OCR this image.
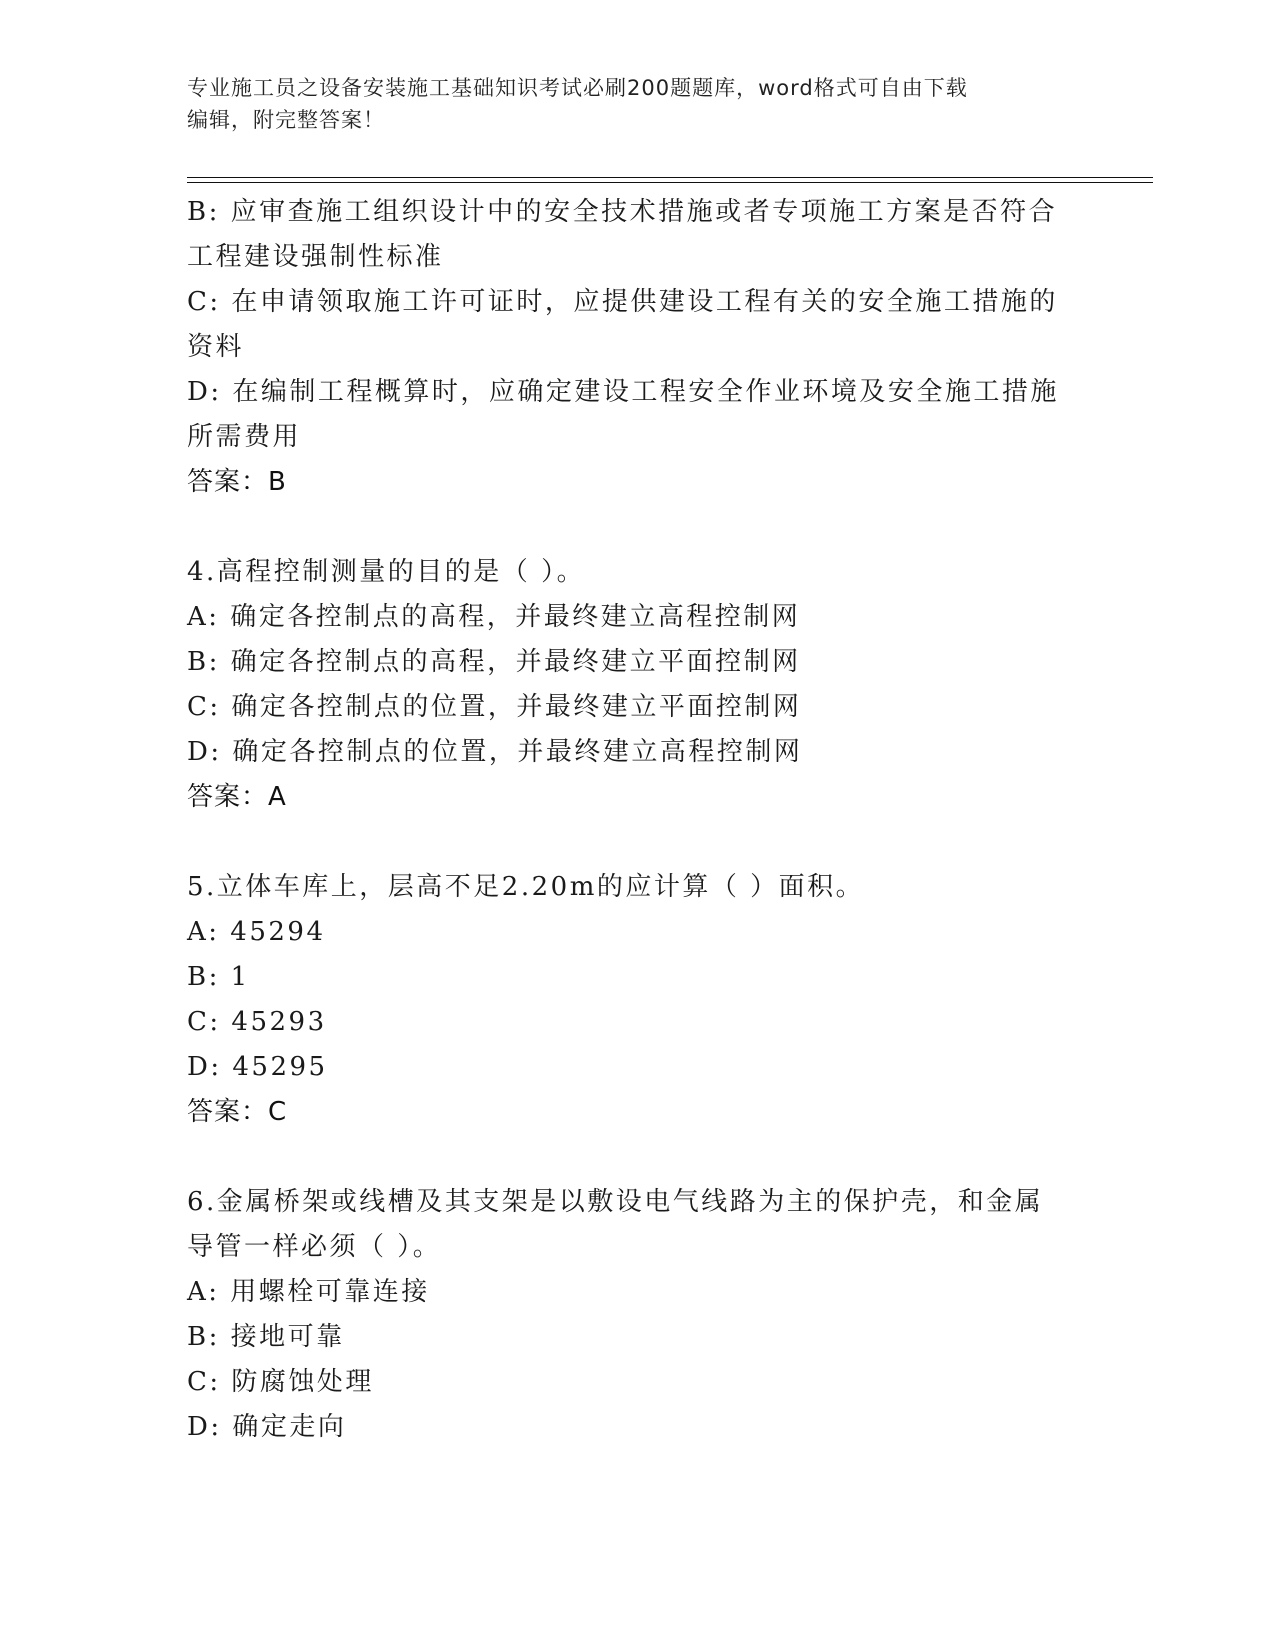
专业施工员之设备安装施工基础知识考试必刷200题题库，word格式可自由下载
编辑，附完整答案！
B: 应审查施工组织设计中的安全技术措施或者专项施工方案是否符合
工程建设强制性标准
C: 在申请领取施工许可证时，应提供建设工程有关的安全施工措施的
资料
D: 在编制工程概算时，应确定建设工程安全作业环境及安全施工措施
所需费用
答案：B
4.高程控制测量的目的是（ ）。
A: 确定各控制点的高程，并最终建立高程控制网
B: 确定各控制点的高程，并最终建立平面控制网
C: 确定各控制点的位置，并最终建立平面控制网
D: 确定各控制点的位置，并最终建立高程控制网
答案：A
5.立体车库上，层高不足2.20m的应计算（ ）面积。
A: 45294
B: 1
C: 45293
D: 45295
答案：C
6.金属桥架或线槽及其支架是以敷设电气线路为主的保护壳，和金属
导管一样必须（ ）。
A: 用螺栓可靠连接
B: 接地可靠
C: 防腐蚀处理
D: 确定走向
